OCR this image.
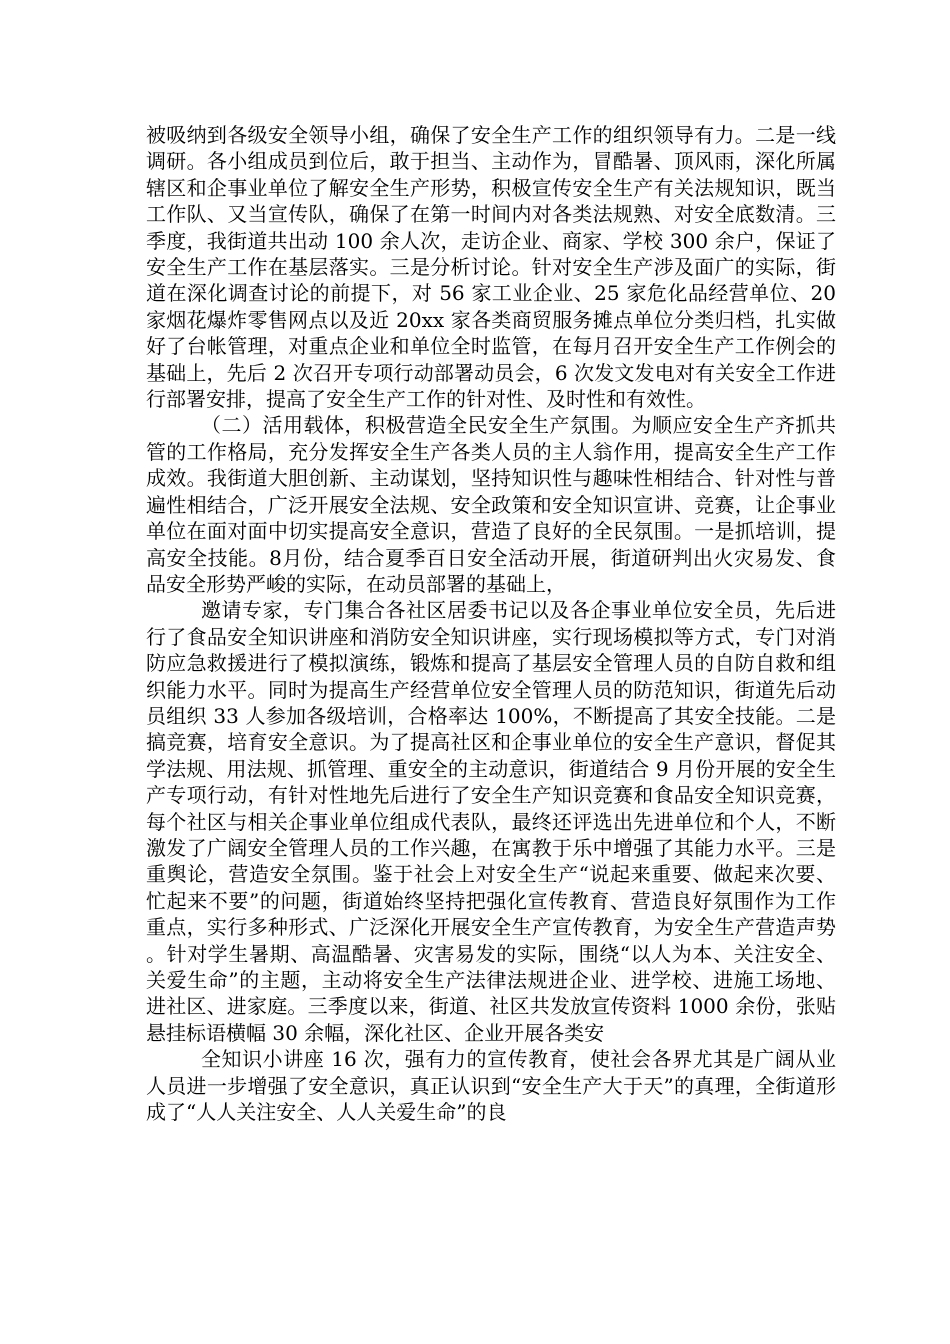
被吸纳到各级安全领导小组，确保了安全生产工作的组织领导有力。二是一线调研。各小组成员到位后，敢于担当、主动作为，冒酷暑、顶风雨，深化所属辖区和企事业单位了解安全生产形势，积极宣传安全生产有关法规知识，既当工作队、又当宣传队，确保了在第一时间内对各类法规熟、对安全底数清。三季度，我街道共出动 100 余人次，走访企业、商家、学校 300 余户，保证了安全生产工作在基层落实。三是分析讨论。针对安全生产涉及面广的实际，街道在深化调查讨论的前提下，对 56 家工业企业、25 家危化品经营单位、20 家烟花爆炸零售网点以及近 20xx 家各类商贸服务摊点单位分类归档，扎实做好了台帐管理，对重点企业和单位全时监管，在每月召开安全生产工作例会的基础上，先后 2 次召开专项行动部署动员会，6 次发文发电对有关安全工作进行部署安排，提高了安全生产工作的针对性、及时性和有效性。

（二）活用载体，积极营造全民安全生产氛围。为顺应安全生产齐抓共管的工作格局，充分发挥安全生产各类人员的主人翁作用，提高安全生产工作成效。我街道大胆创新、主动谋划，坚持知识性与趣味性相结合、针对性与普遍性相结合，广泛开展安全法规、安全政策和安全知识宣讲、竞赛，让企事业单位在面对面中切实提高安全意识，营造了良好的全民氛围。一是抓培训，提高安全技能。8月份，结合夏季百日安全活动开展，街道研判出火灾易发、食品安全形势严峻的实际，在动员部署的基础上，

邀请专家，专门集合各社区居委书记以及各企事业单位安全员，先后进行了食品安全知识讲座和消防安全知识讲座，实行现场模拟等方式，专门对消防应急救援进行了模拟演练，锻炼和提高了基层安全管理人员的自防自救和组织能力水平。同时为提高生产经营单位安全管理人员的防范知识，街道先后动员组织 33 人参加各级培训，合格率达 100%，不断提高了其安全技能。二是搞竞赛，培育安全意识。为了提高社区和企事业单位的安全生产意识，督促其学法规、用法规、抓管理、重安全的主动意识，街道结合 9 月份开展的安全生产专项行动，有针对性地先后进行了安全生产知识竞赛和食品安全知识竞赛，每个社区与相关企事业单位组成代表队，最终还评选出先进单位和个人，不断激发了广阔安全管理人员的工作兴趣，在寓教于乐中增强了其能力水平。三是重舆论，营造安全氛围。鉴于社会上对安全生产“说起来重要、做起来次要、忙起来不要”的问题，街道始终坚持把强化宣传教育、营造良好氛围作为工作重点，实行多种形式、广泛深化开展安全生产宣传教育，为安全生产营造声势。针对学生暑期、高温酷暑、灾害易发的实际，围绕“以人为本、关注安全、关爱生命”的主题，主动将安全生产法律法规进企业、进学校、进施工场地、进社区、进家庭。三季度以来，街道、社区共发放宣传资料 1000 余份，张贴悬挂标语横幅 30 余幅，深化社区、企业开展各类安

全知识小讲座 16 次，强有力的宣传教育，使社会各界尤其是广阔从业人员进一步增强了安全意识，真正认识到“安全生产大于天”的真理，全街道形成了“人人关注安全、人人关爱生命”的良
